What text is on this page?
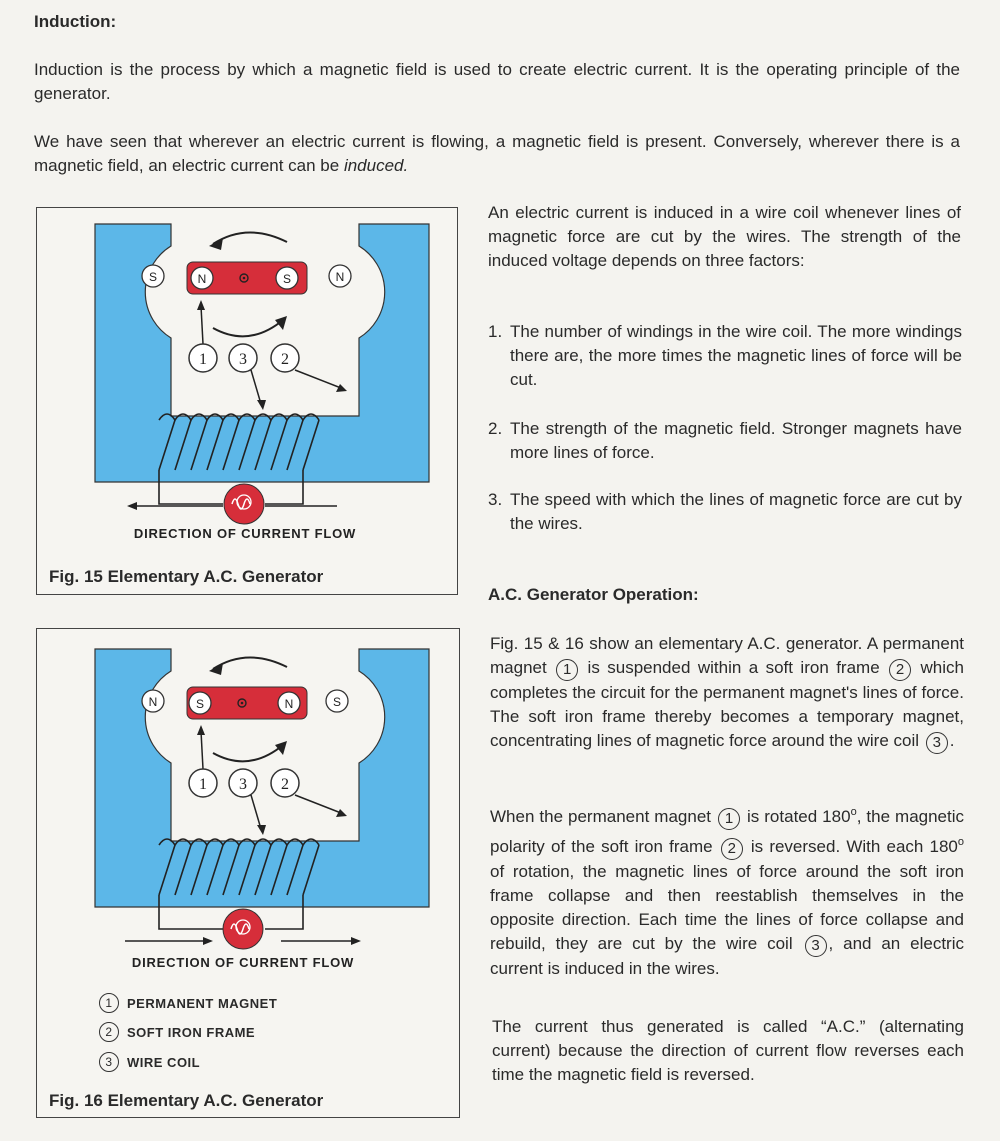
Induction:

Induction is the process by which a magnetic field is used to create electric current. It is the operating principle of the generator.

We have seen that wherever an electric current is flowing, a magnetic field is present. Conversely, wherever there is a magnetic field, an electric current can be induced.

S	N	S	N
1 3 2
DIRECTION OF CURRENT FLOW
Fig. 15 Elementary A.C. Generator
N	S	N	S
1 3 2
DIRECTION OF CURRENT FLOW
1	PERMANENT MAGNET
2	SOFT IRON FRAME
3	WIRE COIL
Fig. 16 Elementary A.C. Generator

An electric current is induced in a wire coil whenever lines of magnetic force are cut by the wires. The strength of the induced voltage depends on three factors:

1. The number of windings in the wire coil. The more windings there are, the more times the magnetic lines of force will be cut.
2. The strength of the magnetic field. Stronger magnets have more lines of force.
3. The speed with which the lines of magnetic force are cut by the wires.
A.C. Generator Operation:

Fig. 15 & 16 show an elementary A.C. generator. A permanent magnet 1 is suspended within a soft iron frame 2 which completes the circuit for the permanent magnet's lines of force. The soft iron frame thereby becomes a temporary magnet, concentrating lines of magnetic force around the wire coil 3 .

When the permanent magnet 1 is rotated 180$^o$, the magnetic polarity of the soft iron frame 2 is reversed. With each 180$^o$ of rotation, the magnetic lines of force around the soft iron frame collapse and then reestablish themselves in the opposite direction. Each time the lines of force collapse and rebuild, they are cut by the wire coil 3 , and an electric current is induced in the wires.

The current thus generated is called “A.C.” (alternating current) because the direction of current flow reverses each time the magnetic field is reversed.
